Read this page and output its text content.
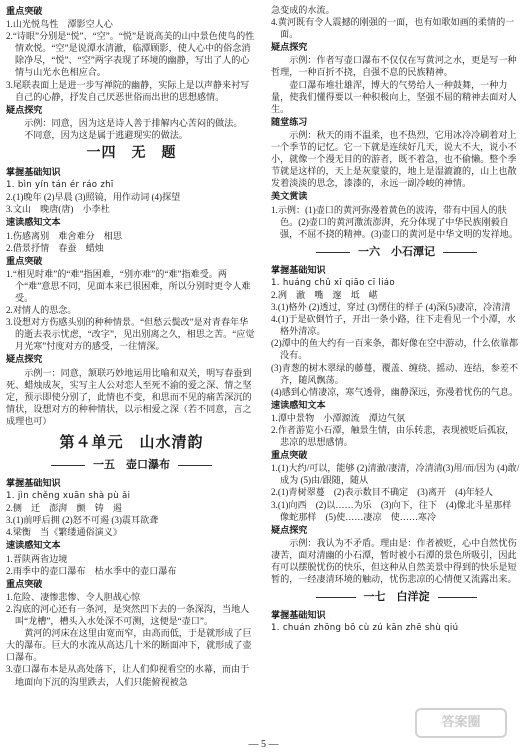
重点突破
1.山光悦鸟性　潭影空人心
2.“诗眼”分别是“悦”、“空”。“悦”是说高美的山中景色使鸟的性情欢悦。“空”是说潭水清澈，临潭顾影，使人心中的俗念消除净尽，“悦”、“空”两字表现了环境的幽静，写出了人的心情与山光水色相应合。
3.尾联表面上是进一步写禅院的幽静，实际上是以声静来衬写自己的心静，抒发自己厌恶世俗而出世的思想感情。
疑点探究
示例：同意，因为这是诗人善于排解内心苦闷的做法。
不同意，因为这是属于逃避现实的做法。
一四　无　题
掌握基础知识
1. bìn yín tán ér ráo zhī
2.(1)晚年 (2)早晨 (3)照镜，用作动词 (4)探望
3.文山　晚唐(唐)　小李杜
速读感知文本
1.伤感离别　难舍难分　相思
2.借景抒情　春蚕　蜡烛
重点突破
1.“相见时难”的“难”指困难，“别亦难”的“难”指难受。两个“难”意思不同，见面本来已很困难，所以分别时更令人难受。
2.对情人的思念。
3.设想对方伤感头别的种种情景。“但愁云鬓改”是对青春年华的逝去表示忧虑，“改字”，见出别离之久，相思之苦。“应觉月光寒”忖度对方的感受，一往情深。
疑点探究
示例一：同意，颔联巧妙地运用比喻和双关，明写春蚕到死、蜡烛成灰，实写主人公对恋人至死不渝的爱之深、情之坚定，预示即使分别了，此情也不变，和思而不见的痛苦深沉的情状，设想对方的种种情状，以示相爱之深（若不同意，言之成理也可）
第４单元　山水清韵
一五　壶口瀑布
掌握基础知识
1. jìn chěng xuān shà pù ǎi
2.侧　迁　澎湃　颤　铸　遏
3.(1)前呼后拥 (2)怒不可遏 (3)震耳欲聋
4.梁衡　当《繁缕通俗演义》
速读感知文本
1.晋陕两省边境
2.雨季中的壶口瀑布　枯水季中的壶口瀑布
重点突破
1.危险、凄惨悲惨、令人胆战心惊
2.沟底的河心还有一条河，是突然凹下去的一条深沟，当地人叫“龙槽”，槽头入水处深不可测，这便是“壶口”。
黄河的河床在这里由宽而窄，由高而低，于是就形成了巨大的瀑布。巨大的水流从高达几十米的断面冲下，就形成了壶口瀑布。
3.壶口瀑布本是从高处落下，让人们仰视看空的水幕，而由于地面向下沉的沟里跌去，人们只能俯视被急
急变成的水流。
4.黄河既有令人震撼的刚强的一面，也有如歌如画的柔情的一面。
疑点探究
示例：作者写壶口瀑布不仅仅在写黄河之水，更是写一种哲理，一种百折不挠，自强不息的民族精神。
壶口瀑布堆壮雄浑，博大的气势给人一种鼓舞，一种力量，使我们懂得要以一种积极向上，坚强不屈的精神去面对人生。
随堂练习
示例：秋天的雨不温柔，也不热烈，它用冰冷冷刷着对上一个季节的记忆。它一下就是连续好几天，说大不大，说小不小，就像一个漫无目的的游者，既不着急，也不偷懒。整个季节就是这样的，天上是灰蒙蒙的，地上是湿漉漉的，山上也散发着淡淡的思念，漆漆的，永远一副冷峻的神情。
美文赏读
1.示例：(1)壶口的黄河弥漫着黄色的波涛，带有中国人的肤色。(2)壶口的黄河激流澎湃，充分体现了中华民族刚毅自强，不屈不挠的精神。(3)壶口的黄河是中华文明的发祥地。
一六　小石潭记
掌握基础知识
1. huáng chǔ xī qiāo cī liáo
2.冽　澈　嘴　邃　坻　嵁
3.(1)格外 (2)透过，穿过 (3)愣住的样子 (4)深(5)凄凉，冷清清
4.(1)于是砍倒竹子，开出一条小路，往下走看见一个小潭，水格外清凉。
(2)潭中的鱼大约有一百来条，都好像在空中游动，什么依靠都没有。
(3)青葱的树木翠绿的藤蔓，覆盖、缠绕、摇动、连结，参差不齐，随风飘荡。
(4)感到心情凄凉，寒气透骨，幽静深远，弥漫着忧伤的气息。
速读感知文本
1.潭中景物　小潭源流　潭边气氛
2.作者游览小石潭，触景生情，由乐转悲，表现被贬后孤寂，悲凉的思想感情。
重点突破
1.(1)大约/可以，能够 (2)清澈/凄清，冷清清(3)用/而/因为 (4)敢/成为 (5)由/跟随，随从
2.(1)青树翠蔓　(2)表示数目不确定　(3)离开　(4)年轻人
3.(1)向西　(2)以……为乐　(3)向下，往下　(4)像北斗星那样　像蛇那样　(5)使……凄凉　使……寒冷
疑点探究
示例：我认为不矛盾。理由是：作者被贬，心中自然忧伤凄苦，面对清幽的小石潭，暂时被小石潭的景色所吸引，因此有可以摆脱忧伤的快乐，但这种从自然美景中得到的快乐是短暂的，一经凄清环境的触动，忧伤悲凉的心情便又流露出来。
一七　白洋淀
掌握基础知识
1. chuán zhōng bō cù zú kān zhē shù qiú
答案圈
— 5 —
